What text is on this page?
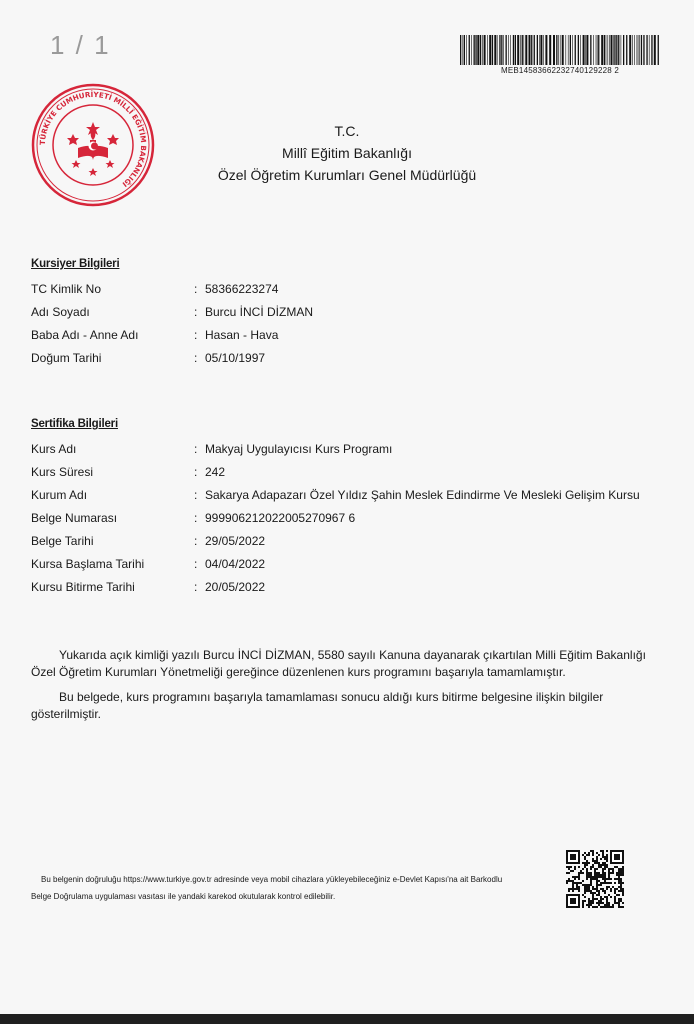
1 / 1
MEB14583662232740129228 2
TÜRKİYE CUMHURİYETİ MİLLÎ EĞİTİM BAKANLIĞI
T.C.
Millî Eğitim Bakanlığı
Özel Öğretim Kurumları Genel Müdürlüğü
Kursiyer Bilgileri
TC Kimlik No	: 58366223274
Adı Soyadı	: Burcu İNCİ DİZMAN
Baba Adı - Anne Adı	: Hasan - Hava
Doğum Tarihi	: 05/10/1997
Sertifika Bilgileri
Kurs Adı	: Makyaj Uygulayıcısı Kurs Programı
Kurs Süresi	: 242
Kurum Adı	: Sakarya Adapazarı Özel Yıldız Şahin Meslek Edindirme Ve Mesleki Gelişim Kursu
Belge Numarası	: 999906212022005270967 6
Belge Tarihi	: 29/05/2022
Kursa Başlama Tarihi	: 04/04/2022
Kursu Bitirme Tarihi	: 20/05/2022

Yukarıda açık kimliği yazılı Burcu İNCİ DİZMAN, 5580 sayılı Kanuna dayanarak çıkartılan Milli Eğitim Bakanlığı Özel Öğretim Kurumları Yönetmeliği gereğince düzenlenen kurs programını başarıyla tamamlamıştır.

Bu belgede, kurs programını başarıyla tamamlaması sonucu aldığı kurs bitirme belgesine ilişkin bilgiler gösterilmiştir.

Bu belgenin doğruluğu https://www.turkiye.gov.tr adresinde veya mobil cihazlara yükleyebileceğiniz e-Devlet Kapısı'na ait Barkodlu Belge Doğrulama uygulaması vasıtası ile yandaki karekod okutularak kontrol edilebilir.
